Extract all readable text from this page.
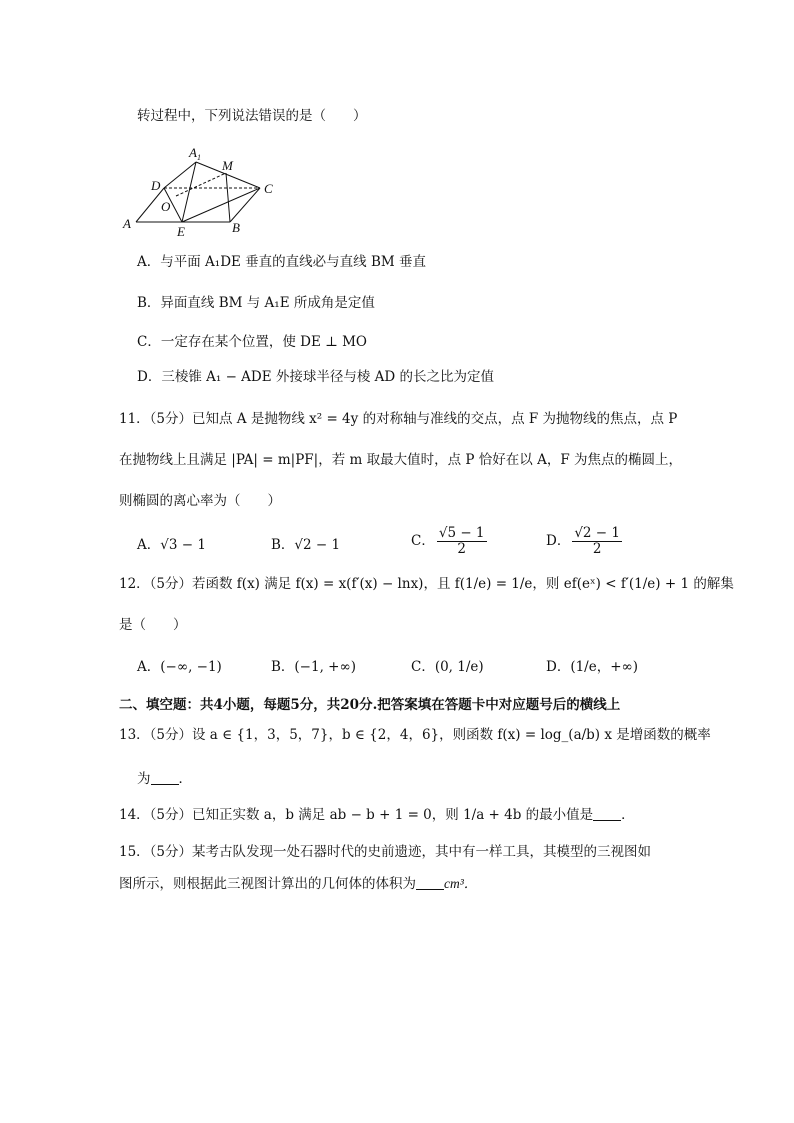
转过程中，下列说法错误的是（　　）
$A_1$
M
D	C
O
A
E	B
A．与平面 A₁DE 垂直的直线必与直线 BM 垂直
B．异面直线 BM 与 A₁E 所成角是定值
C．一定存在某个位置，使 DE ⊥ MO
D．三棱锥 A₁ − ADE 外接球半径与棱 AD 的长之比为定值
11．（5分）已知点 A 是抛物线 x² = 4y 的对称轴与准线的交点，点 F 为抛物线的焦点，点 P
在抛物线上且满足 |PA| = m|PF|，若 m 取最大值时，点 P 恰好在以 A，F 为焦点的椭圆上，
则椭圆的离心率为（　　）
A．√3 − 1	B．√2 − 1	C． $\frac{√5 - 1}{2}$	D． $\frac{√2 - 1}{2}$
12．（5分）若函数 f(x) 满足 f(x) = x(f′(x) − lnx)，且 f(1/e) = 1/e，则 ef(eˣ) < f′(1/e) + 1 的解集
是（　　）
A．(−∞, −1)	B．(−1, +∞)	C．(0, 1/e)	D．(1/e，+∞)
二、填空题：共4小题，每题5分，共20分.把答案填在答题卡中对应题号后的横线上
13．（5分）设 a ∈ {1，3，5，7}，b ∈ {2，4，6}，则函数 f(x) = log_(a/b) x 是增函数的概率
为 ．
14．（5分）已知正实数 a，b 满足 ab − b + 1 = 0，则 1/a + 4b 的最小值是 ．
15．（5分）某考古队发现一处石器时代的史前遗迹，其中有一样工具，其模型的三视图如
图所示，则根据此三视图计算出的几何体的体积为 cm³．
